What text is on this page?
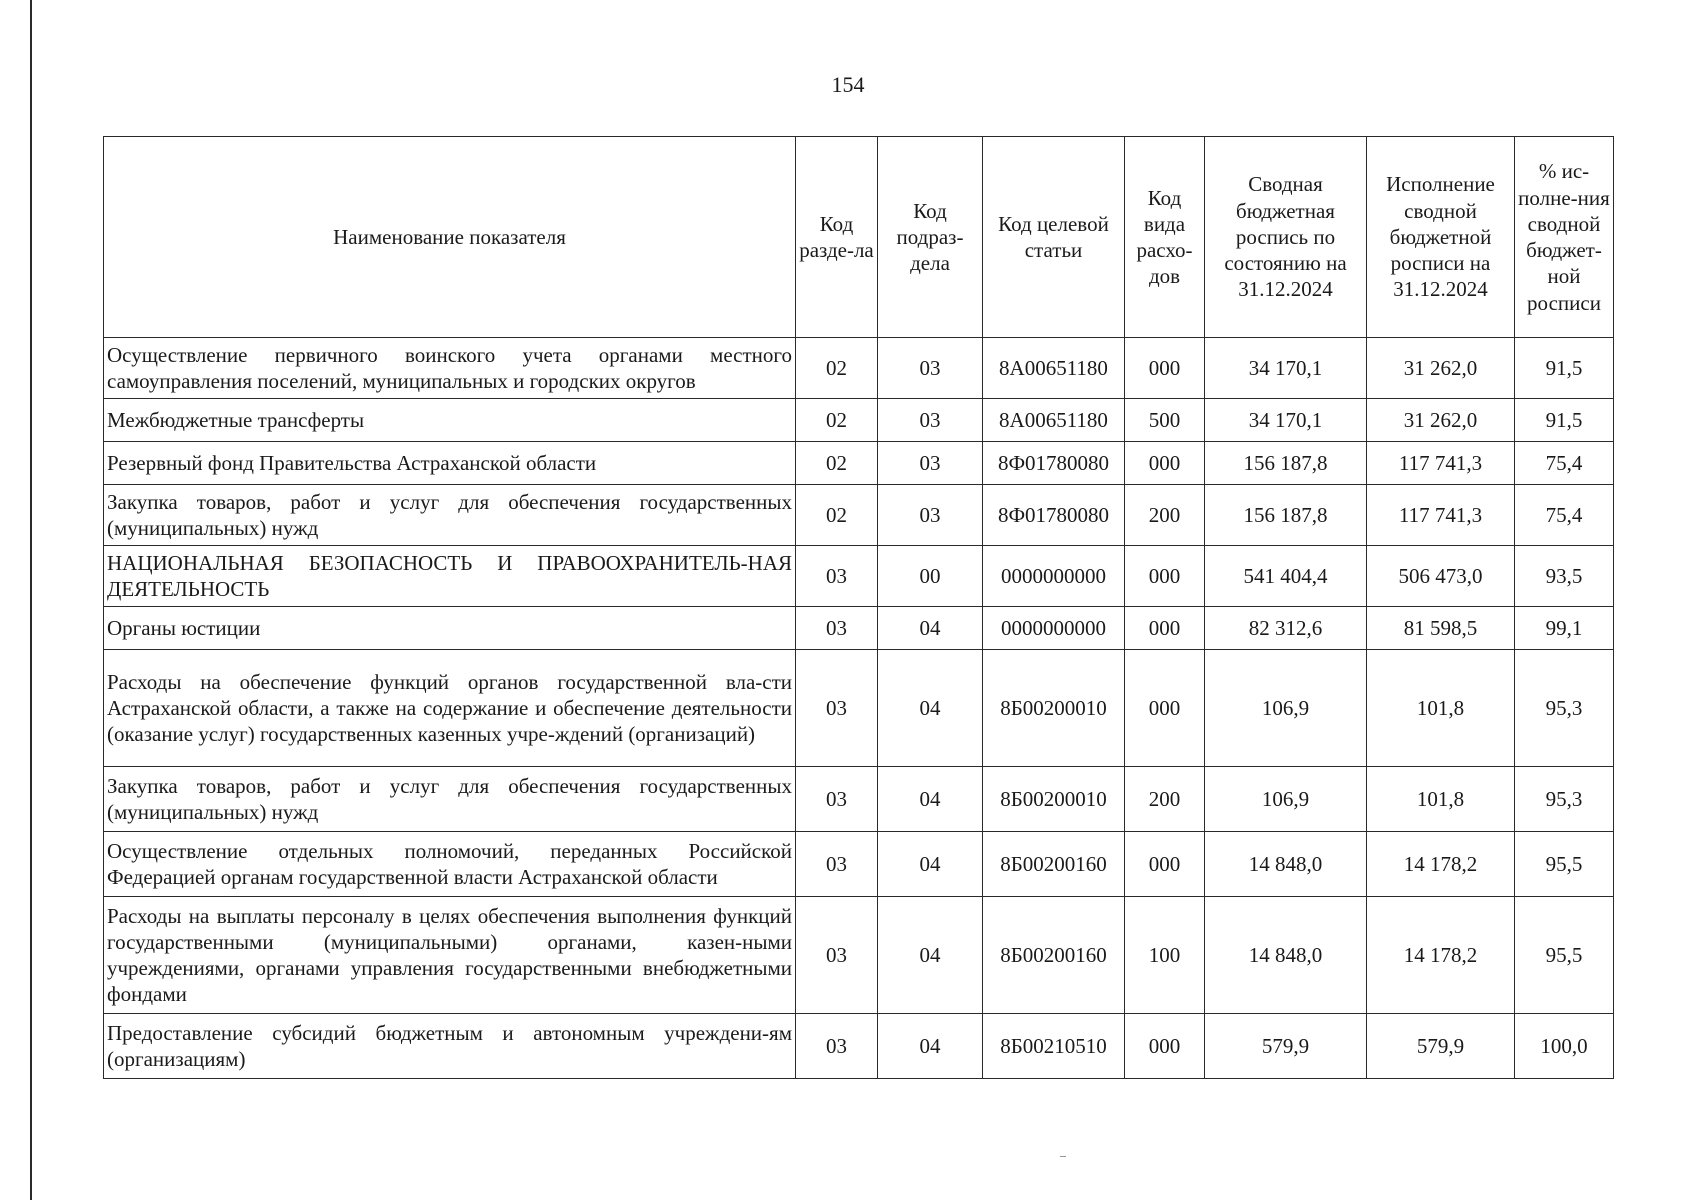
154
Наименование показателя	Код разде-ла	Код подраз-дела	Код целевой статьи	Код вида расхо-дов	Сводная бюджетная роспись по состоянию на 31.12.2024	Исполнение сводной бюджетной росписи на 31.12.2024	% ис-полне-ния сводной бюджет-ной росписи
Осуществление первичного воинского учета органами местного самоуправления поселений, муниципальных и городских округов	02	03	8А00651180	000	34 170,1	31 262,0	91,5
Межбюджетные трансферты	02	03	8А00651180	500	34 170,1	31 262,0	91,5
Резервный фонд Правительства Астраханской области	02	03	8Ф01780080	000	156 187,8	117 741,3	75,4
Закупка товаров, работ и услуг для обеспечения государственных (муниципальных) нужд	02	03	8Ф01780080	200	156 187,8	117 741,3	75,4
НАЦИОНАЛЬНАЯ БЕЗОПАСНОСТЬ И ПРАВООХРАНИТЕЛЬ-НАЯ ДЕЯТЕЛЬНОСТЬ	03	00	0000000000	000	541 404,4	506 473,0	93,5
Органы юстиции	03	04	0000000000	000	82 312,6	81 598,5	99,1
Расходы на обеспечение функций органов государственной вла-сти Астраханской области, а также на содержание и обеспечение деятельности (оказание услуг) государственных казенных учре-ждений (организаций)	03	04	8Б00200010	000	106,9	101,8	95,3
Закупка товаров, работ и услуг для обеспечения государственных (муниципальных) нужд	03	04	8Б00200010	200	106,9	101,8	95,3
Осуществление отдельных полномочий, переданных Российской Федерацией органам государственной власти Астраханской области	03	04	8Б00200160	000	14 848,0	14 178,2	95,5
Расходы на выплаты персоналу в целях обеспечения выполнения функций государственными (муниципальными) органами, казен-ными учреждениями, органами управления государственными внебюджетными фондами	03	04	8Б00200160	100	14 848,0	14 178,2	95,5
Предоставление субсидий бюджетным и автономным учреждени-ям (организациям)	03	04	8Б00210510	000	579,9	579,9	100,0
